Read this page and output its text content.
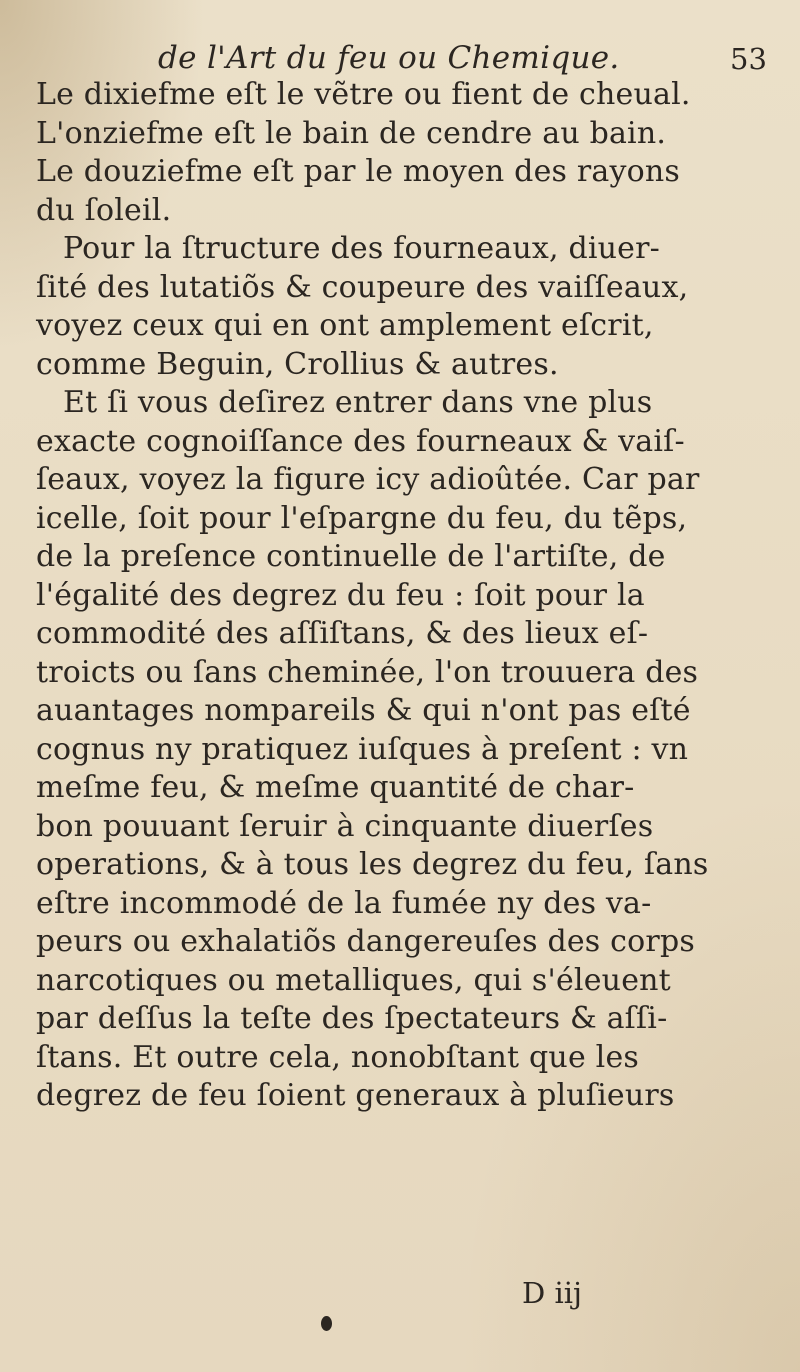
de l'Art du feu ou Chemique.	53
Le dixiefme eſt le vẽtre ou fient de cheual.
L'onziefme eſt le bain de cendre au bain.
Le douziefme eſt par le moyen des rayons
du ſoleil.
Pour la ſtructure des fourneaux, diuer-
ſité des lutatiõs & coupeure des vaiſſeaux,
voyez ceux qui en ont amplement eſcrit,
comme Beguin, Crollius & autres.
Et ſi vous deſirez entrer dans vne plus
exacte cognoiſſance des fourneaux & vaiſ-
ſeaux, voyez la figure icy adioûtée. Car par
icelle, ſoit pour l'eſpargne du feu, du tẽps,
de la preſence continuelle de l'artiſte, de
l'égalité des degrez du feu : ſoit pour la
commodité des aſſiſtans, & des lieux eſ-
troicts ou ſans cheminée, l'on trouuera des
auantages nompareils & qui n'ont pas eſté
cognus ny pratiquez iuſques à preſent : vn
meſme feu, & meſme quantité de char-
bon pouuant ſeruir à cinquante diuerſes
operations, & à tous les degrez du feu, ſans
eſtre incommodé de la fumée ny des va-
peurs ou exhalatiõs dangereuſes des corps
narcotiques ou metalliques, qui s'éleuent
par deſſus la teſte des ſpectateurs & aſſi-
ſtans. Et outre cela, nonobſtant que les
degrez de feu ſoient generaux à pluſieurs
D iij
